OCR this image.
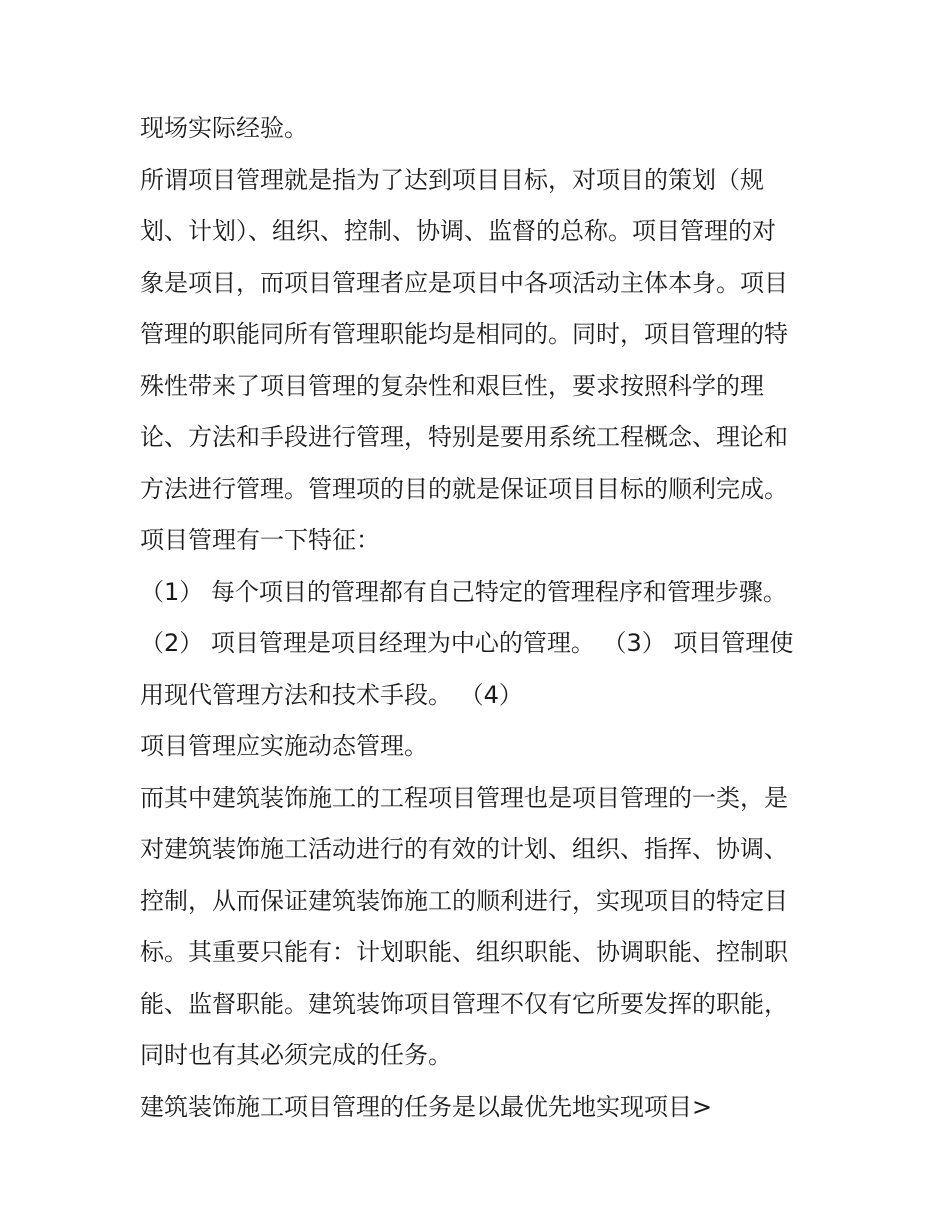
现场实际经验。
所谓项目管理就是指为了达到项目目标，对项目的策划（规
划、计划）、组织、控制、协调、监督的总称。项目管理的对
象是项目，而项目管理者应是项目中各项活动主体本身。项目
管理的职能同所有管理职能均是相同的。同时，项目管理的特
殊性带来了项目管理的复杂性和艰巨性，要求按照科学的理
论、方法和手段进行管理，特别是要用系统工程概念、理论和
方法进行管理。管理项的目的就是保证项目目标的顺利完成。
项目管理有一下特征：
（1） 每个项目的管理都有自己特定的管理程序和管理步骤。
（2） 项目管理是项目经理为中心的管理。 （3） 项目管理使
用现代管理方法和技术手段。 （4）
项目管理应实施动态管理。
而其中建筑装饰施工的工程项目管理也是项目管理的一类，是
对建筑装饰施工活动进行的有效的计划、组织、指挥、协调、
控制，从而保证建筑装饰施工的顺利进行，实现项目的特定目
标。其重要只能有：计划职能、组织职能、协调职能、控制职
能、监督职能。建筑装饰项目管理不仅有它所要发挥的职能，
同时也有其必须完成的任务。
建筑装饰施工项目管理的任务是以最优先地实现项目>
